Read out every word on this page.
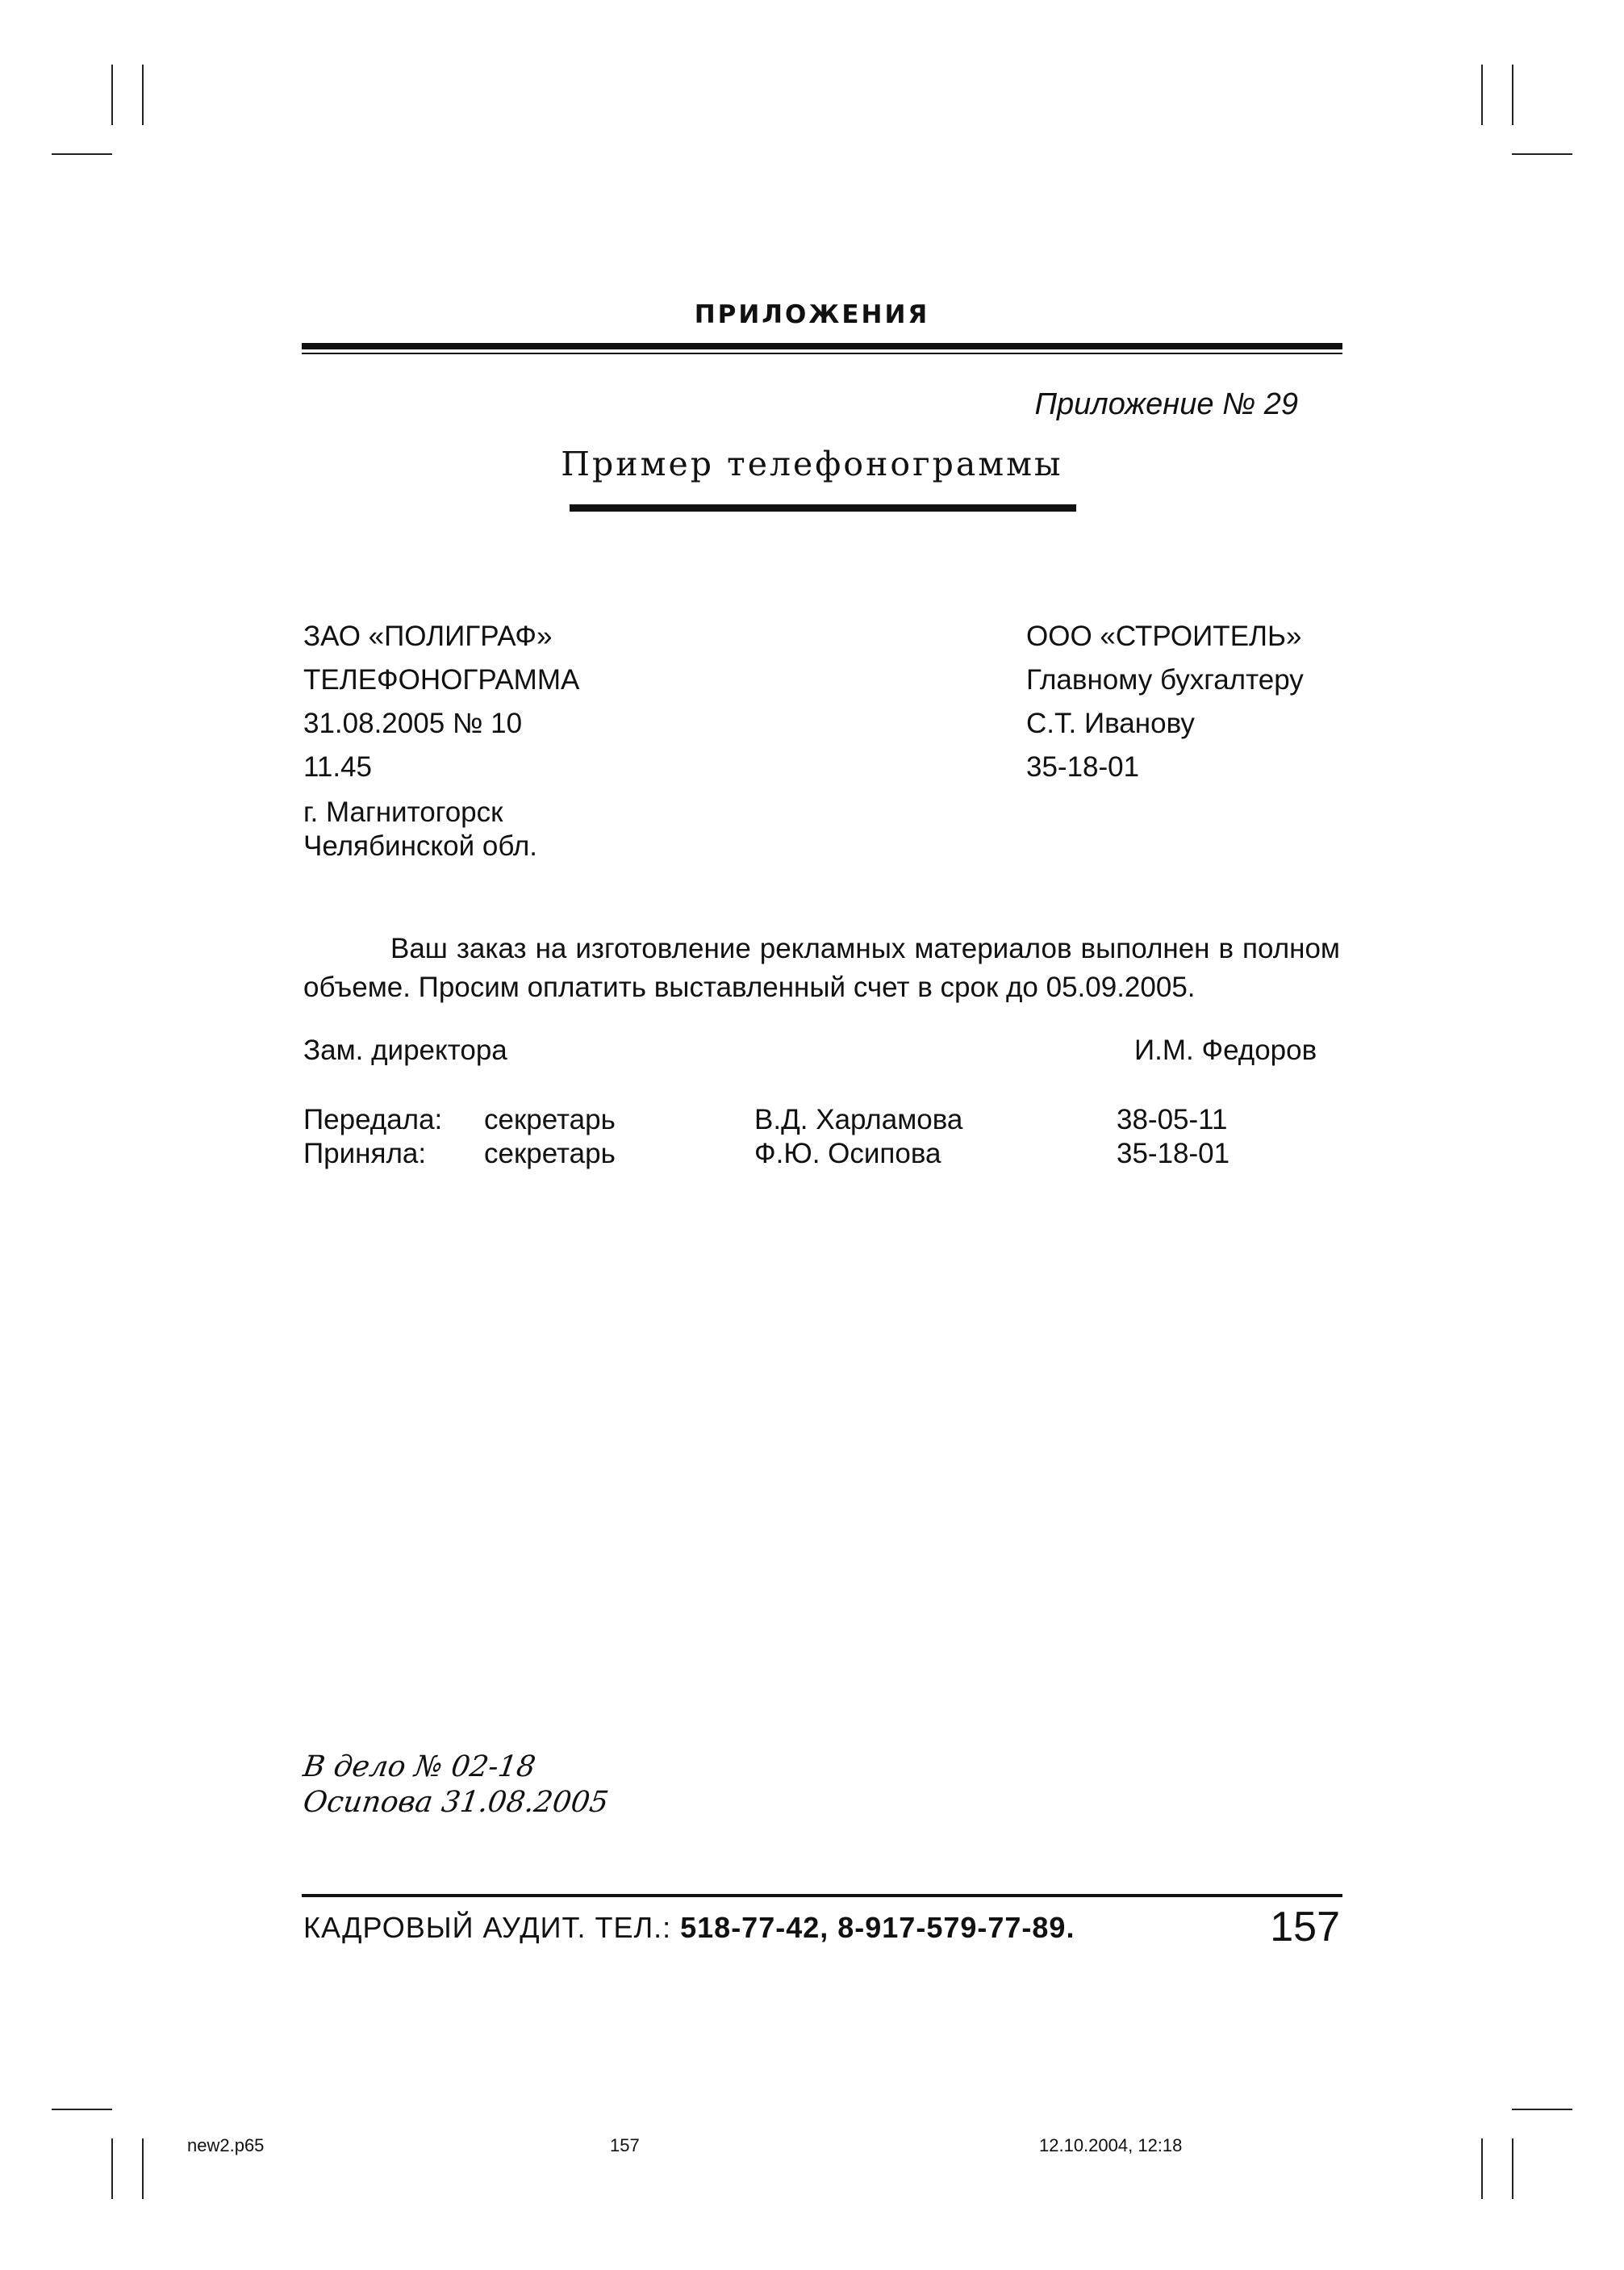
ПРИЛОЖЕНИЯ
Приложение № 29
Пример телефонограммы
ЗАО «ПОЛИГРАФ»
ТЕЛЕФОНОГРАММА
31.08.2005 № 10
11.45
г. Магнитогорск
Челябинской обл.
ООО «СТРОИТЕЛЬ»
Главному бухгалтеру
С.Т. Иванову
35-18-01
Ваш заказ на изготовление рекламных материалов выполнен в полном объеме. Просим оплатить выставленный счет в срок до 05.09.2005.
Зам. директора	И.М. Федоров
Передала: секретарь	В.Д. Харламова	38-05-11
Приняла: секретарь	Ф.Ю. Осипова	35-18-01
В дело № 02-18
Осипова 31.08.2005
КАДРОВЫЙ АУДИТ. ТЕЛ.: 518-77-42, 8-917-579-77-89.	157
new2.p65	157	12.10.2004, 12:18
